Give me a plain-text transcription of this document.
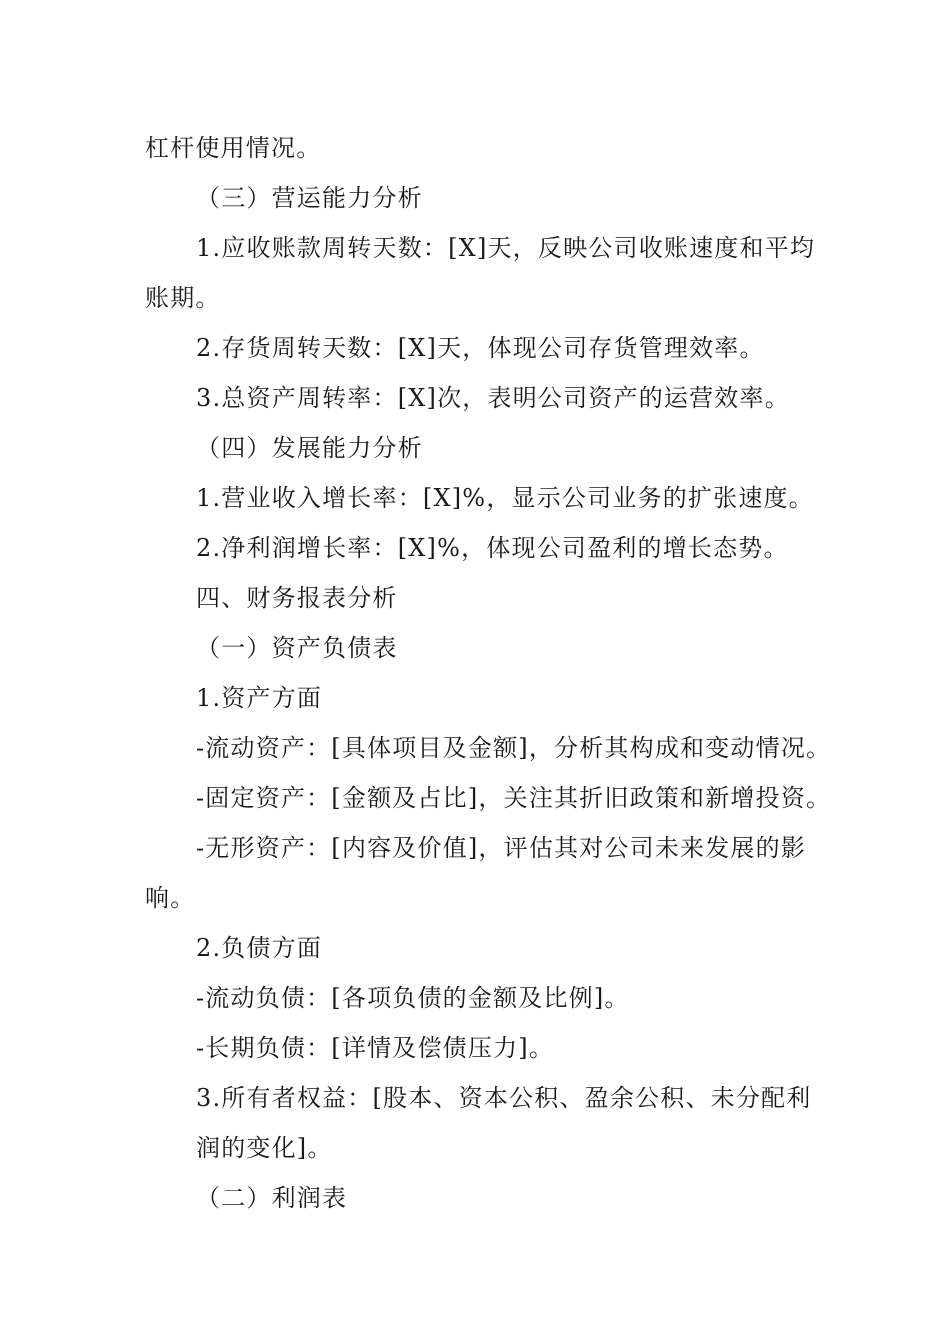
杠杆使用情况。
（三）营运能力分析
1.应收账款周转天数：[X]天，反映公司收账速度和平均
账期。
2.存货周转天数：[X]天，体现公司存货管理效率。
3.总资产周转率：[X]次，表明公司资产的运营效率。
（四）发展能力分析
1.营业收入增长率：[X]%，显示公司业务的扩张速度。
2.净利润增长率：[X]%，体现公司盈利的增长态势。
四、财务报表分析
（一）资产负债表
1.资产方面
-流动资产：[具体项目及金额]，分析其构成和变动情况。
-固定资产：[金额及占比]，关注其折旧政策和新增投资。
-无形资产：[内容及价值]，评估其对公司未来发展的影
响。
2.负债方面
-流动负债：[各项负债的金额及比例]。
-长期负债：[详情及偿债压力]。
3.所有者权益：[股本、资本公积、盈余公积、未分配利
润的变化]。
（二）利润表
